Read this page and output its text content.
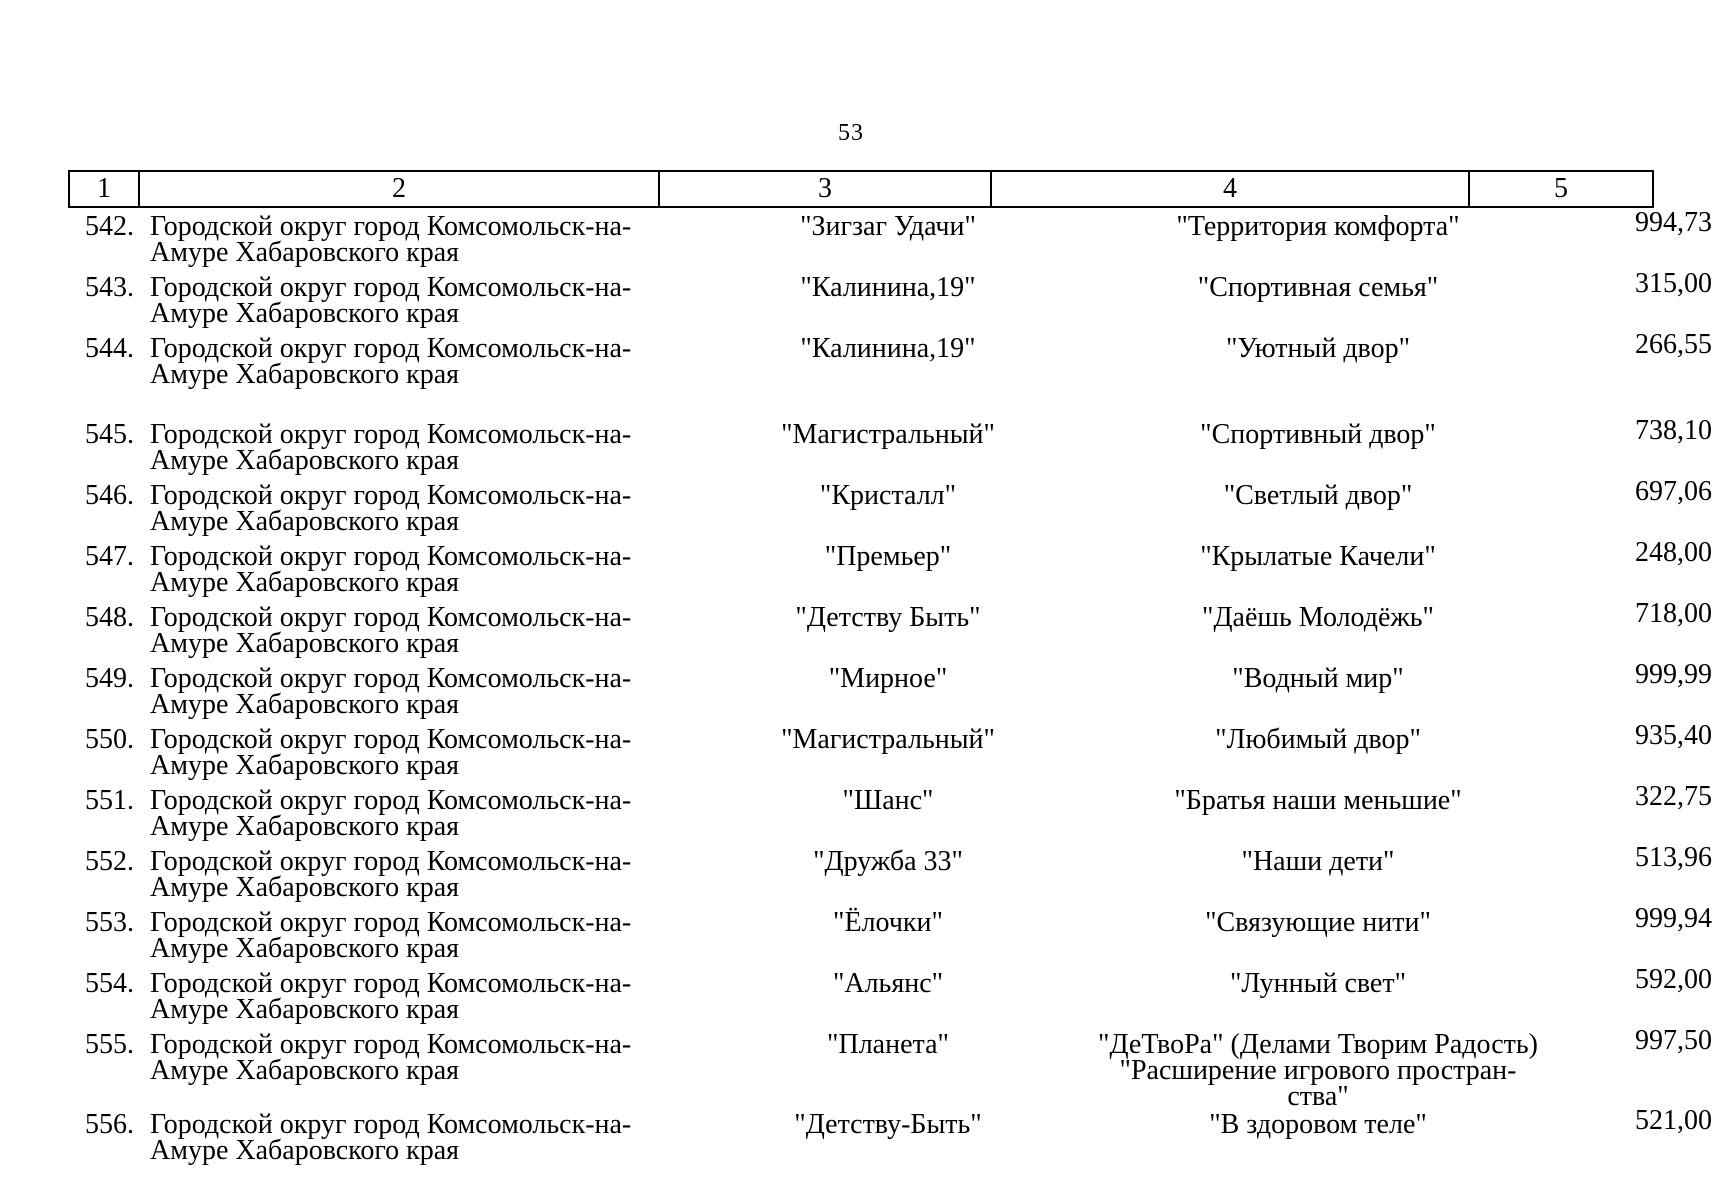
53
1	2	3	4	5
542. Городской округ город Комсомольск-на-
Амуре Хабаровского края
"Зигзаг Удачи"	"Территория комфорта"	994,73
543. Городской округ город Комсомольск-на-
Амуре Хабаровского края
"Калинина,19"	"Спортивная семья"	315,00
544. Городской округ город Комсомольск-на-
Амуре Хабаровского края
"Калинина,19"	"Уютный двор"	266,55
545. Городской округ город Комсомольск-на-
Амуре Хабаровского края
"Магистральный"	"Спортивный двор"	738,10
546. Городской округ город Комсомольск-на-
Амуре Хабаровского края
"Кристалл"	"Светлый двор"	697,06
547. Городской округ город Комсомольск-на-
Амуре Хабаровского края
"Премьер"	"Крылатые Качели"	248,00
548. Городской округ город Комсомольск-на-
Амуре Хабаровского края
"Детству Быть"	"Даёшь Молодёжь"	718,00
549. Городской округ город Комсомольск-на-
Амуре Хабаровского края
"Мирное"	"Водный мир"	999,99
550. Городской округ город Комсомольск-на-
Амуре Хабаровского края
"Магистральный"	"Любимый двор"	935,40
551. Городской округ город Комсомольск-на-
Амуре Хабаровского края
"Шанс"	"Братья наши меньшие"	322,75
552. Городской округ город Комсомольск-на-
Амуре Хабаровского края
"Дружба 33"	"Наши дети"	513,96
553. Городской округ город Комсомольск-на-
Амуре Хабаровского края
"Ёлочки"	"Связующие нити"	999,94
554. Городской округ город Комсомольск-на-
Амуре Хабаровского края
"Альянс"	"Лунный свет"	592,00
555. Городской округ город Комсомольск-на-
Амуре Хабаровского края
"Планета"	"ДеТвоРа" (Делами Творим Радость)
"Расширение игрового простран-
ства"
997,50
556. Городской округ город Комсомольск-на-
Амуре Хабаровского края
"Детству-Быть"	"В здоровом теле"	521,00
